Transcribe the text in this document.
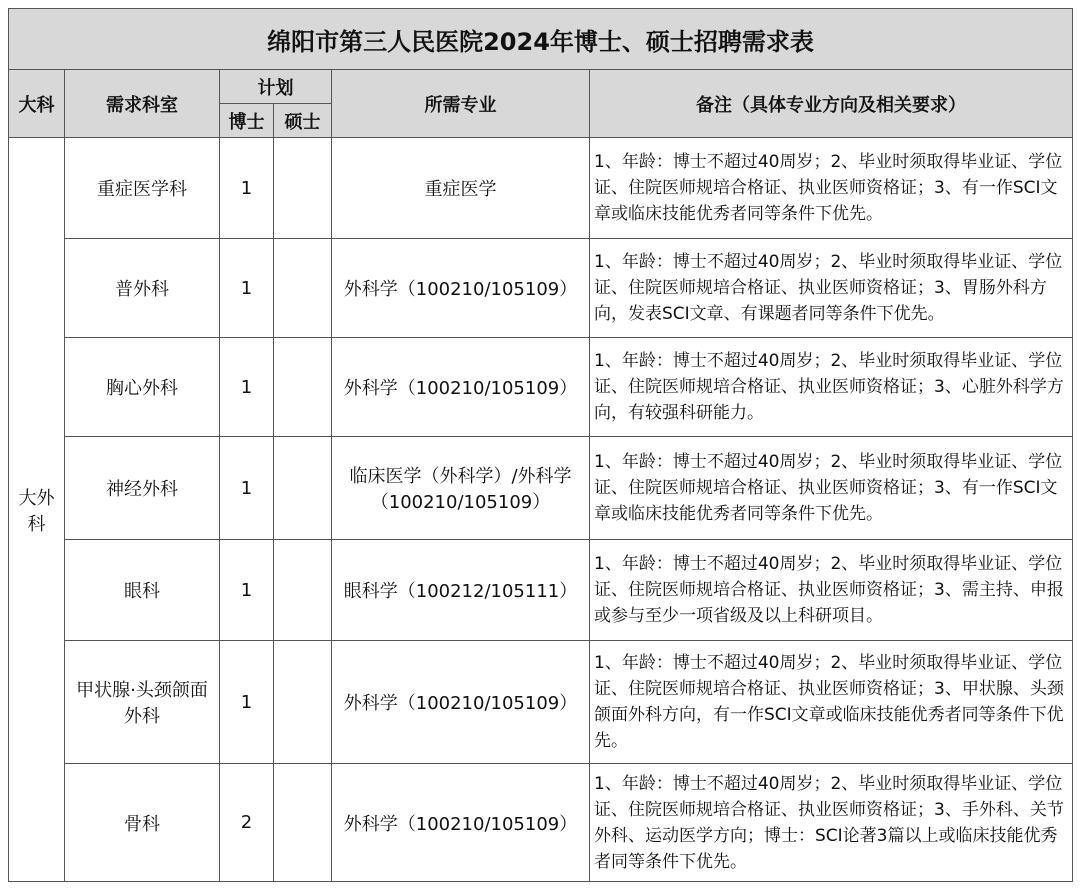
绵阳市第三人民医院2024年博士、硕士招聘需求表					
大科	需求科室	计划		所需专业	备注（具体专业方向及相关要求）
		博士	硕士		
大外科	重症医学科	1		重症医学	1、年龄：博士不超过40周岁；2、毕业时须取得毕业证、学位证、住院医师规培合格证、执业医师资格证；3、有一作SCI文章或临床技能优秀者同等条件下优先。
	普外科	1		外科学（100210/105109）	1、年龄：博士不超过40周岁；2、毕业时须取得毕业证、学位证、住院医师规培合格证、执业医师资格证；3、胃肠外科方向，发表SCI文章、有课题者同等条件下优先。
	胸心外科	1		外科学（100210/105109）	1、年龄：博士不超过40周岁；2、毕业时须取得毕业证、学位证、住院医师规培合格证、执业医师资格证；3、心脏外科学方向，有较强科研能力。
	神经外科	1		临床医学（外科学）/外科学（100210/105109）	1、年龄：博士不超过40周岁；2、毕业时须取得毕业证、学位证、住院医师规培合格证、执业医师资格证；3、有一作SCI文章或临床技能优秀者同等条件下优先。
	眼科	1		眼科学（100212/105111）	1、年龄：博士不超过40周岁；2、毕业时须取得毕业证、学位证、住院医师规培合格证、执业医师资格证；3、需主持、申报或参与至少一项省级及以上科研项目。
	甲状腺·头颈颌面外科	1		外科学（100210/105109）	1、年龄：博士不超过40周岁；2、毕业时须取得毕业证、学位证、住院医师规培合格证、执业医师资格证；3、甲状腺、头颈颌面外科方向，有一作SCI文章或临床技能优秀者同等条件下优先。
	骨科	2		外科学（100210/105109）	1、年龄：博士不超过40周岁；2、毕业时须取得毕业证、学位证、住院医师规培合格证、执业医师资格证；3、手外科、关节外科、运动医学方向；博士：SCI论著3篇以上或临床技能优秀者同等条件下优先。
